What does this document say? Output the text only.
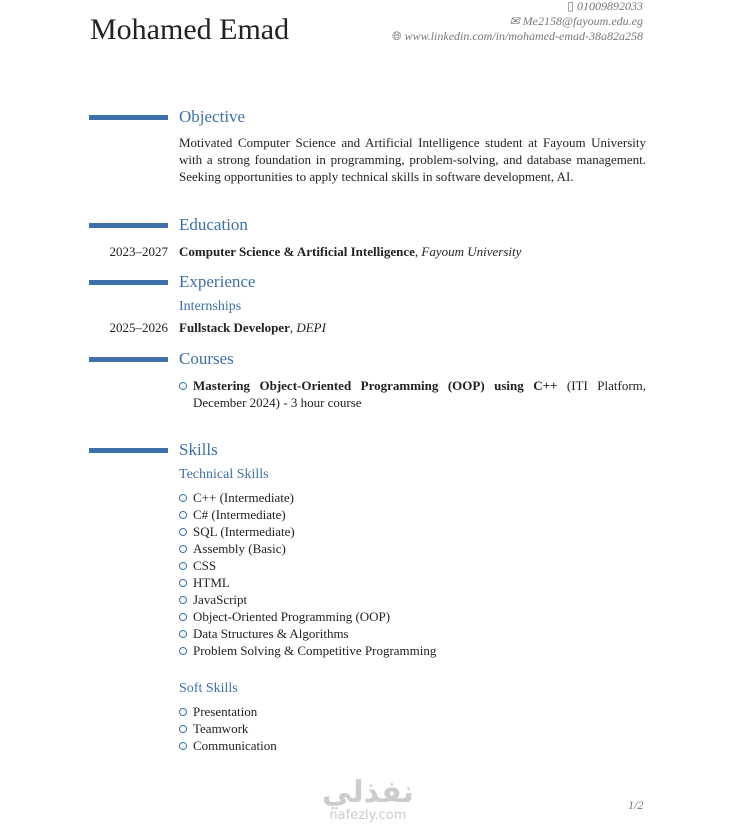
Mohamed Emad
▯ 01009892033
✉ Me2158@fayoum.edu.eg
🌐︎ www.linkedin.com/in/mohamed-emad-38a82a258
Objective
Motivated Computer Science and Artificial Intelligence student at Fayoum University with a strong foundation in programming, problem-solving, and database management. Seeking opportunities to apply technical skills in software development, AI.
Education
2023–2027 Computer Science & Artificial Intelligence, Fayoum University
Experience
Internships
2025–2026 Fullstack Developer, DEPI
Courses
Mastering Object-Oriented Programming (OOP) using C++ (ITI Platform, December 2024) - 3 hour course
Skills
Technical Skills
C++ (Intermediate)
C# (Intermediate)
SQL (Intermediate)
Assembly (Basic)
CSS
HTML
JavaScript
Object-Oriented Programming (OOP)
Data Structures & Algorithms
Problem Solving & Competitive Programming
Soft Skills
Presentation
Teamwork
Communication
نفذلي
nafezly.com
1/2
